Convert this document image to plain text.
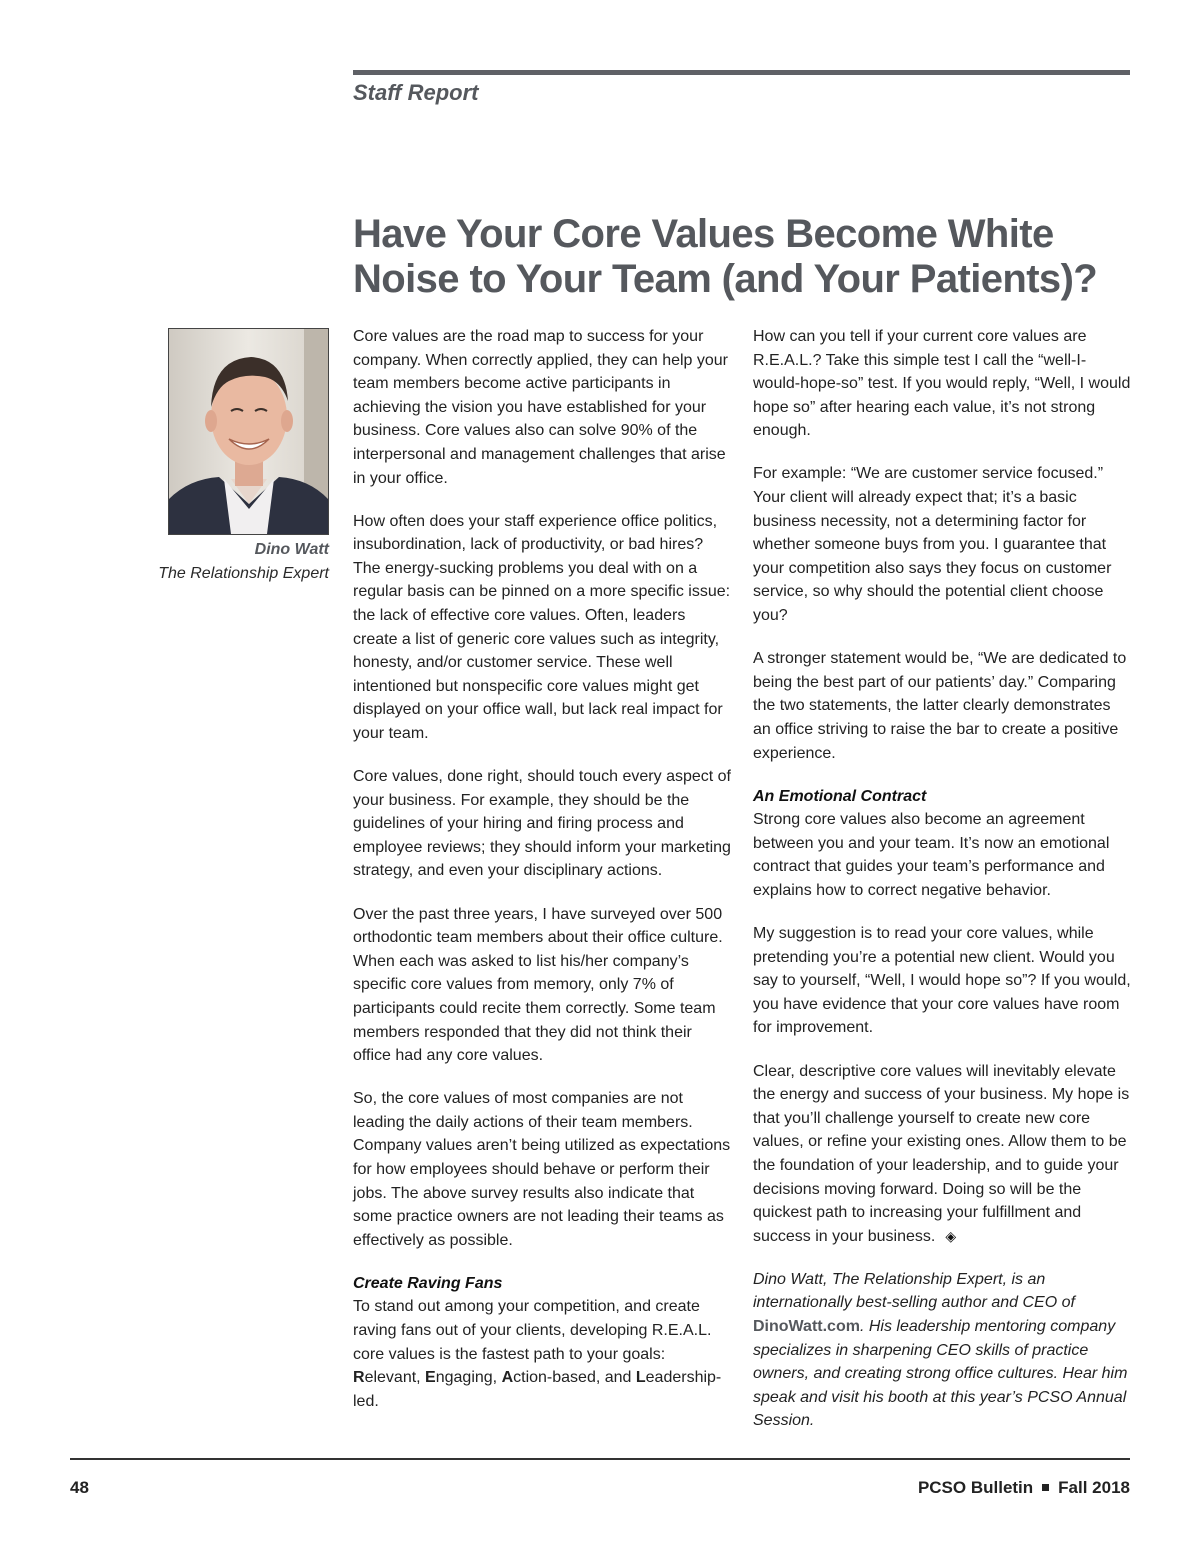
Staff Report
Have Your Core Values Become White
Noise to Your Team (and Your Patients)?
Dino Watt
The Relationship Expert

Core values are the road map to success for your company. When correctly applied, they can help your team members become active participants in achieving the vision you have established for your business. Core values also can solve 90% of the interpersonal and management challenges that arise in your office.

How often does your staff experience office politics, insubordination, lack of productivity, or bad hires? The energy-sucking problems you deal with on a regular basis can be pinned on a more specific issue: the lack of effective core values. Often, leaders create a list of generic core values such as integrity, honesty, and/or customer service. These well intentioned but nonspecific core values might get displayed on your office wall, but lack real impact for your team.

Core values, done right, should touch every aspect of your business. For example, they should be the guidelines of your hiring and firing process and employee reviews; they should inform your marketing strategy, and even your disciplinary actions.

Over the past three years, I have surveyed over 500 orthodontic team members about their office culture. When each was asked to list his/her company’s specific core values from memory, only 7% of participants could recite them correctly. Some team members responded that they did not think their office had any core values.

So, the core values of most companies are not leading the daily actions of their team members. Company values aren’t being utilized as expectations for how employees should behave or perform their jobs. The above survey results also indicate that some practice owners are not leading their teams as effectively as possible.

Create Raving Fans

To stand out among your competition, and create raving fans out of your clients, developing R.E.A.L. core values is the fastest path to your goals: Relevant, Engaging, Action-based, and Leadership-led.

How can you tell if your current core values are R.E.A.L.? Take this simple test I call the “well-I-would-hope-so” test. If you would reply, “Well, I would hope so” after hearing each value, it’s not strong enough.

For example: “We are customer service focused.” Your client will already expect that; it’s a basic business necessity, not a determining factor for whether someone buys from you. I guarantee that your competition also says they focus on customer service, so why should the potential client choose you?

A stronger statement would be, “We are dedicated to being the best part of our patients’ day.” Comparing the two statements, the latter clearly demonstrates an office striving to raise the bar to create a positive experience.

An Emotional Contract

Strong core values also become an agreement between you and your team. It’s now an emotional contract that guides your team’s performance and explains how to correct negative behavior.

My suggestion is to read your core values, while pretending you’re a potential new client. Would you say to yourself, “Well, I would hope so”? If you would, you have evidence that your core values have room for improvement.

Clear, descriptive core values will inevitably elevate the energy and success of your business. My hope is that you’ll challenge yourself to create new core values, or refine your existing ones. Allow them to be the foundation of your leadership, and to guide your decisions moving forward. Doing so will be the quickest path to increasing your fulfillment and success in your business. ◈

Dino Watt, The Relationship Expert, is an internationally best-selling author and CEO of DinoWatt.com. His leadership mentoring company specializes in sharpening CEO skills of practice owners, and creating strong office cultures. Hear him speak and visit his booth at this year’s PCSO Annual Session.

48	PCSO Bulletin Fall 2018
